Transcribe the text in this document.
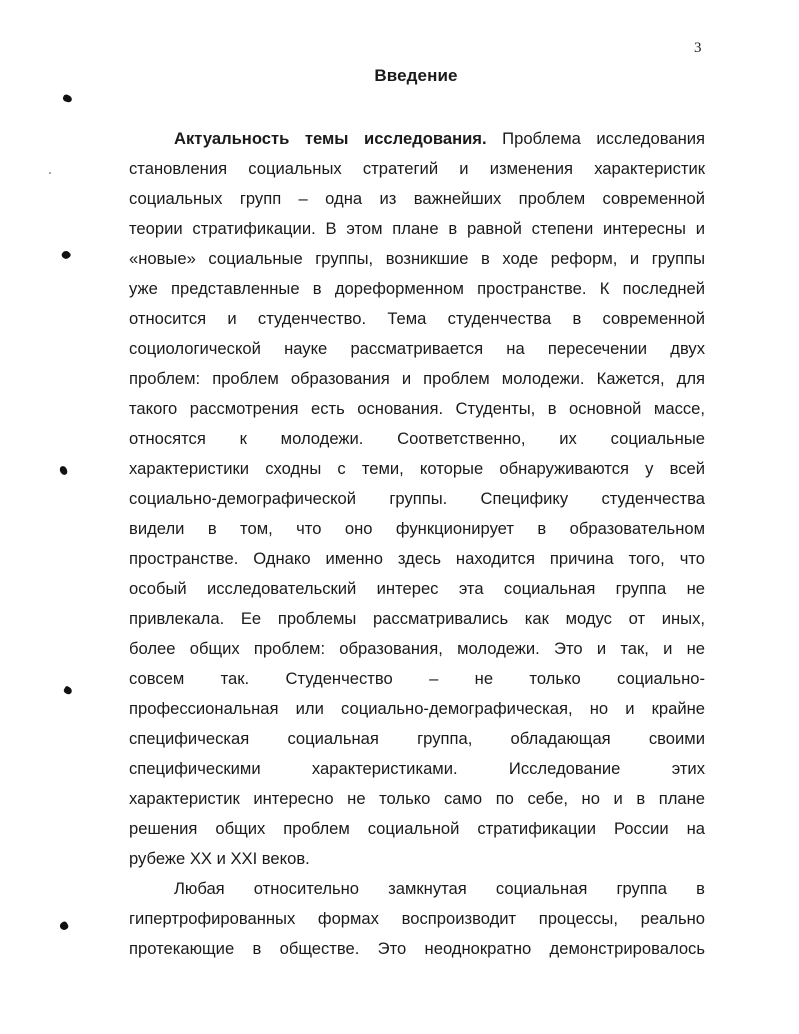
3
Введение
Актуальность темы исследования. Проблема исследования
становления социальных стратегий и изменения характеристик
социальных групп – одна из важнейших проблем современной
теории стратификации. В этом плане в равной степени интересны и
«новые» социальные группы, возникшие в ходе реформ, и группы
уже представленные в дореформенном пространстве. К последней
относится и студенчество. Тема студенчества в современной
социологической науке рассматривается на пересечении двух
проблем: проблем образования и проблем молодежи. Кажется, для
такого рассмотрения есть основания. Студенты, в основной массе,
относятся к молодежи. Соответственно, их социальные
характеристики сходны с теми, которые обнаруживаются у всей
социально-демографической группы. Специфику студенчества
видели в том, что оно функционирует в образовательном
пространстве. Однако именно здесь находится причина того, что
особый исследовательский интерес эта социальная группа не
привлекала. Ее проблемы рассматривались как модус от иных,
более общих проблем: образования, молодежи. Это и так, и не
совсем так. Студенчество – не только социально-
профессиональная или социально-демографическая, но и крайне
специфическая социальная группа, обладающая своими
специфическими характеристиками. Исследование этих
характеристик интересно не только само по себе, но и в плане
решения общих проблем социальной стратификации России на
рубеже XX и XXI веков.
Любая относительно замкнутая социальная группа в
гипертрофированных формах воспроизводит процессы, реально
протекающие в обществе. Это неоднократно демонстрировалось
